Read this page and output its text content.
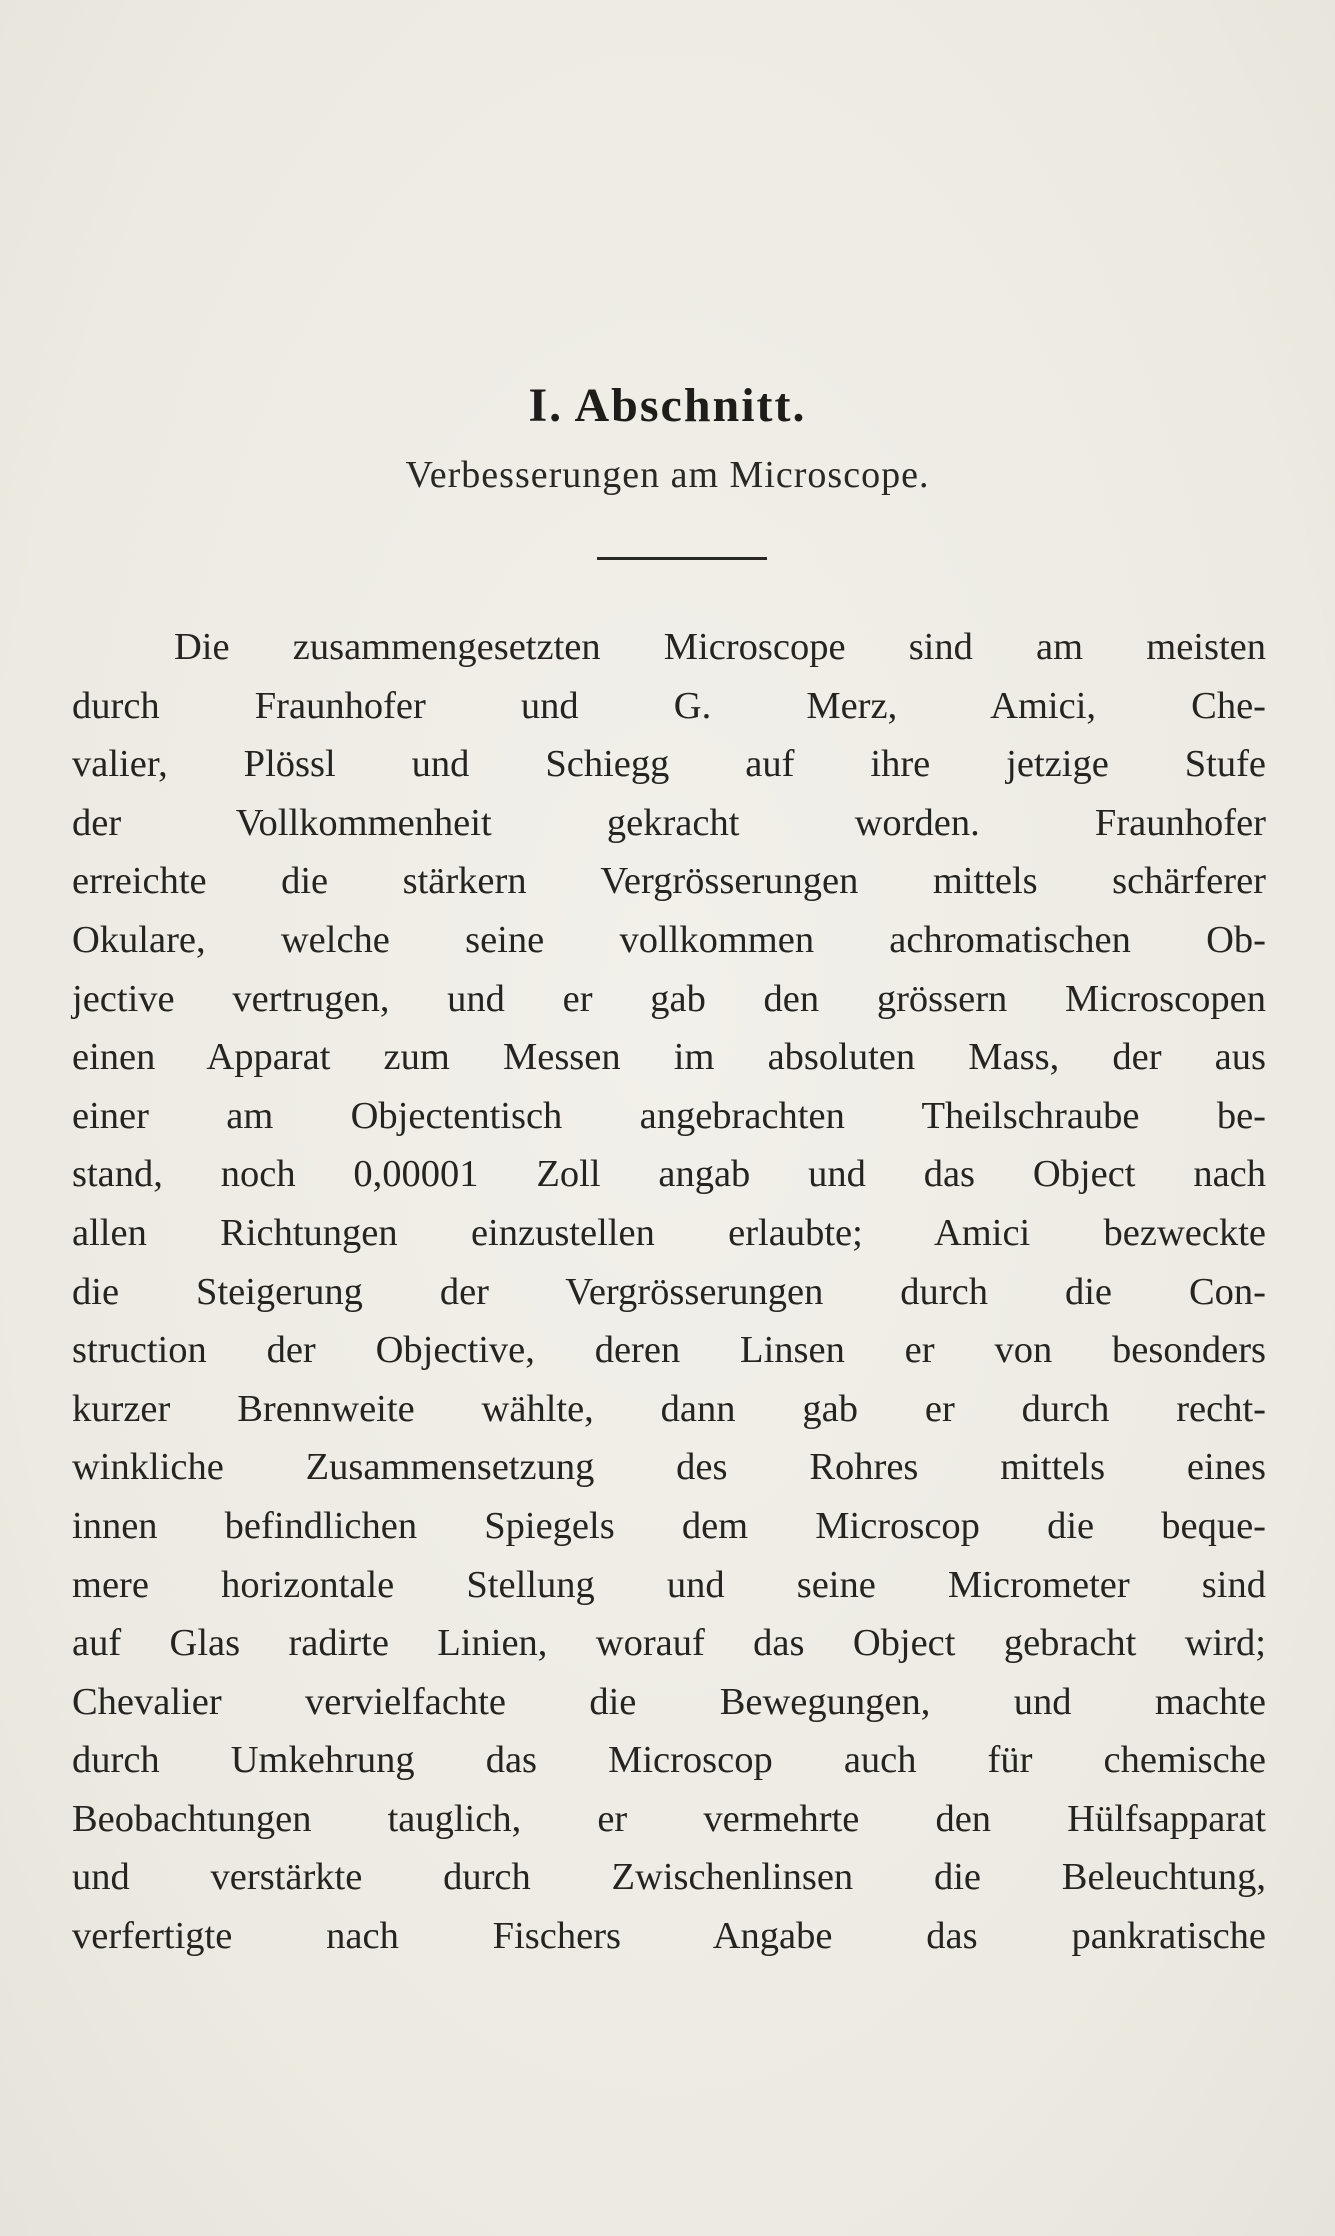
I. Abschnitt.
Verbesserungen am Microscope.
Die zusammengesetzten Microscope sind am meisten
durch Fraunhofer und G. Merz, Amici, Che-
valier, Plössl und Schiegg auf ihre jetzige Stufe
der Vollkommenheit gekracht worden. Fraunhofer
erreichte die stärkern Vergrösserungen mittels schärferer
Okulare, welche seine vollkommen achromatischen Ob-
jective vertrugen, und er gab den grössern Microscopen
einen Apparat zum Messen im absoluten Mass, der aus
einer am Objectentisch angebrachten Theilschraube be-
stand, noch 0,00001 Zoll angab und das Object nach
allen Richtungen einzustellen erlaubte; Amici bezweckte
die Steigerung der Vergrösserungen durch die Con-
struction der Objective, deren Linsen er von besonders
kurzer Brennweite wählte, dann gab er durch recht-
winkliche Zusammensetzung des Rohres mittels eines
innen befindlichen Spiegels dem Microscop die beque-
mere horizontale Stellung und seine Micrometer sind
auf Glas radirte Linien, worauf das Object gebracht wird;
Chevalier vervielfachte die Bewegungen, und machte
durch Umkehrung das Microscop auch für chemische
Beobachtungen tauglich, er vermehrte den Hülfsapparat
und verstärkte durch Zwischenlinsen die Beleuchtung,
verfertigte nach Fischers Angabe das pankratische
